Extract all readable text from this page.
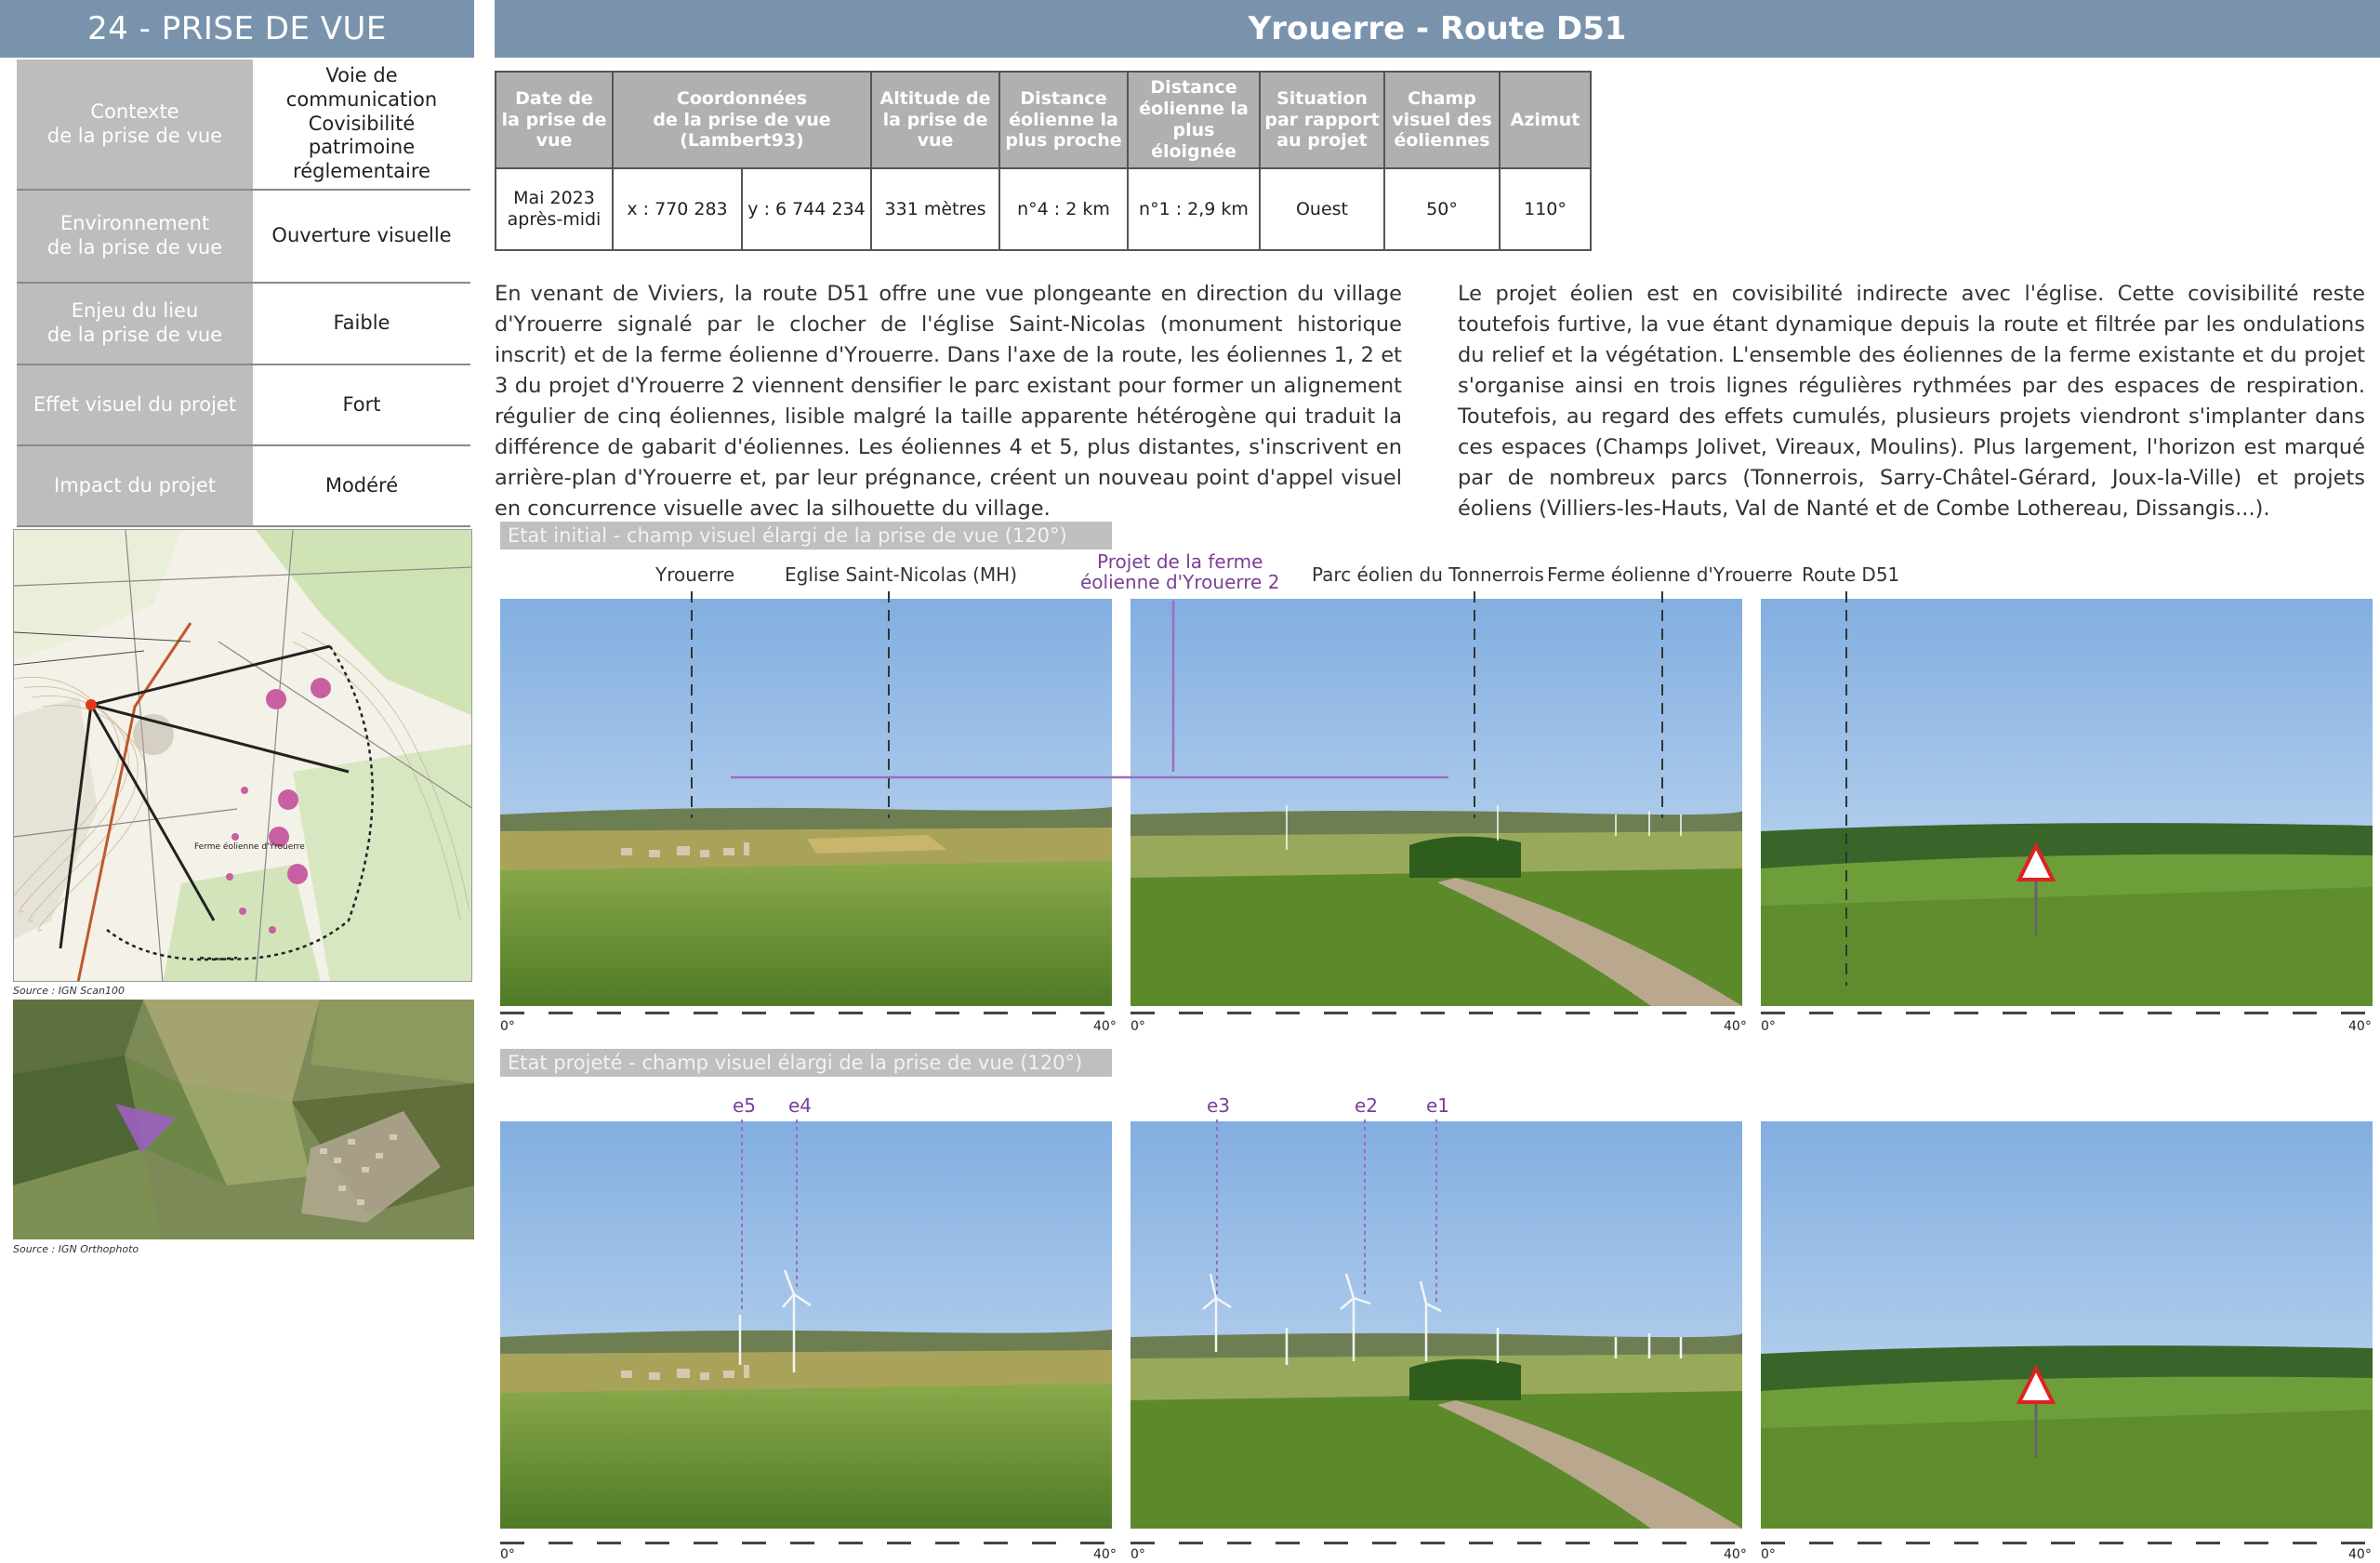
24 - PRISE DE VUE	Yrouerre - Route D51
Contexte
de la prise de vue	Voie de
communication
Covisibilité
patrimoine
réglementaire
Environnement
de la prise de vue	Ouverture visuelle
Enjeu du lieu
de la prise de vue	Faible
Effet visuel du projet	Fort
Impact du projet	Modéré
Ferme éolienne d'Yrouerre
Source : IGN Scan100
Source : IGN Orthophoto
Date de
la prise de
vue	Coordonnées
de la prise de vue
(Lambert93)		Altitude de
la prise de
vue	Distance
éolienne la
plus proche	Distance
éolienne la
plus éloignée	Situation
par rapport
au projet	Champ
visuel des
éoliennes	Azimut
Mai 2023
après-midi	x : 770 283	y : 6 744 234	331 mètres	n°4 : 2 km	n°1 : 2,9 km	Ouest	50°	110°
En venant de Viviers, la route D51 offre une vue plongeante en direction du village d'Yrouerre signalé par le clocher de l'église Saint-Nicolas (monument historique inscrit) et de la ferme éolienne d'Yrouerre. Dans l'axe de la route, les éoliennes 1, 2 et 3 du projet d'Yrouerre 2 viennent densifier le parc existant pour former un alignement régulier de cinq éoliennes, lisible malgré la taille apparente hétérogène qui traduit la différence de gabarit d'éoliennes. Les éoliennes 4 et 5, plus distantes, s'inscrivent en arrière-plan d'Yrouerre et, par leur prégnance, créent un nouveau point d'appel visuel en concurrence visuelle avec la silhouette du village.
Le projet éolien est en covisibilité indirecte avec l'église. Cette covisibilité reste toutefois furtive, la vue étant dynamique depuis la route et filtrée par les ondulations du relief et la végétation. L'ensemble des éoliennes de la ferme existante et du projet s'organise ainsi en trois lignes régulières rythmées par des espaces de respiration. Toutefois, au regard des effets cumulés, plusieurs projets viendront s'implanter dans ces espaces (Champs Jolivet, Vireaux, Moulins). Plus largement, l'horizon est marqué par de nombreux parcs (Tonnerrois, Sarry-Châtel-Gérard, Joux-la-Ville) et projets éoliens (Villiers-les-Hauts, Val de Nanté et de Combe Lothereau, Dissangis...).
Etat initial - champ visuel élargi de la prise de vue (120°)
Yrouerre	Eglise Saint-Nicolas (MH)
Projet de la ferme
éolienne d'Yrouerre 2 Parc éolien du Tonnerrois Ferme éolienne d'Yrouerre Route D51
0°	40° 0°	40° 0°	40°
Etat projeté - champ visuel élargi de la prise de vue (120°)
e5 e4	e3	e2	e1
0°	40° 0°	40° 0°	40°
